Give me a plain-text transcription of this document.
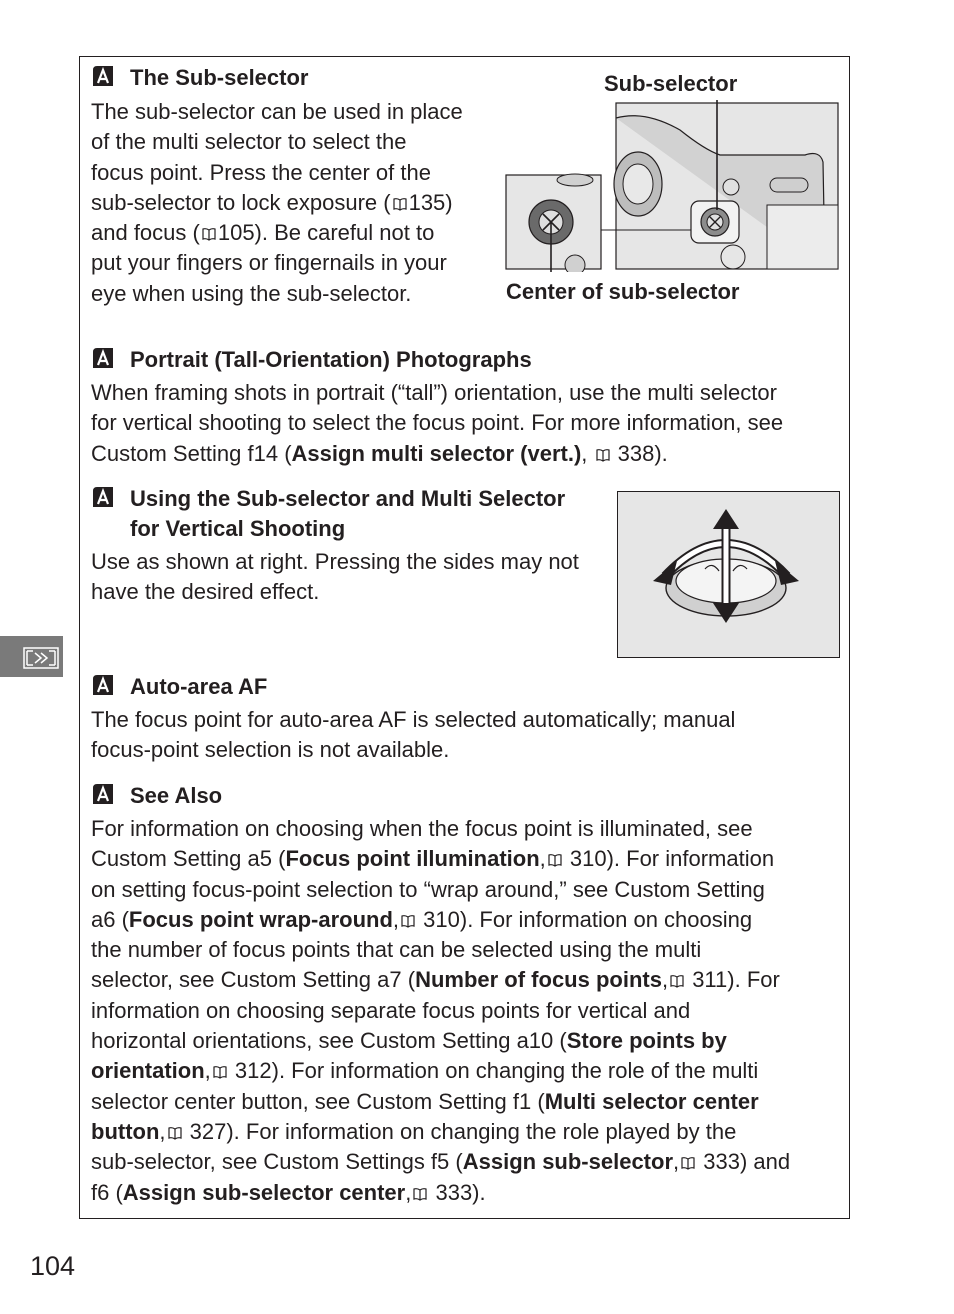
The Sub-selector
The sub-selector can be used in place
of the multi selector to select the
focus point. Press the center of the
sub-selector to lock exposure ( 135)
and focus ( 105). Be careful not to
put your fingers or fingernails in your
eye when using the sub-selector.
Sub-selector
Center of sub-selector
Portrait (Tall-Orientation) Photographs
When framing shots in portrait (“tall”) orientation, use the multi selector
for vertical shooting to select the focus point. For more information, see
Custom Setting f14 (Assign multi selector (vert.),  338).
Using the Sub-selector and Multi Selector
for Vertical Shooting
Use as shown at right. Pressing the sides may not
have the desired effect.
Auto-area AF
The focus point for auto-area AF is selected automatically; manual
focus-point selection is not available.
See Also
For information on choosing when the focus point is illuminated, see
Custom Setting a5 (Focus point illumination, 310). For information
on setting focus-point selection to “wrap around,” see Custom Setting
a6 (Focus point wrap-around, 310). For information on choosing
the number of focus points that can be selected using the multi
selector, see Custom Setting a7 (Number of focus points, 311). For
information on choosing separate focus points for vertical and
horizontal orientations, see Custom Setting a10 (Store points by
orientation, 312). For information on changing the role of the multi
selector center button, see Custom Setting f1 (Multi selector center
button, 327). For information on changing the role played by the
sub-selector, see Custom Settings f5 (Assign sub-selector, 333) and
f6 (Assign sub-selector center, 333).
104
